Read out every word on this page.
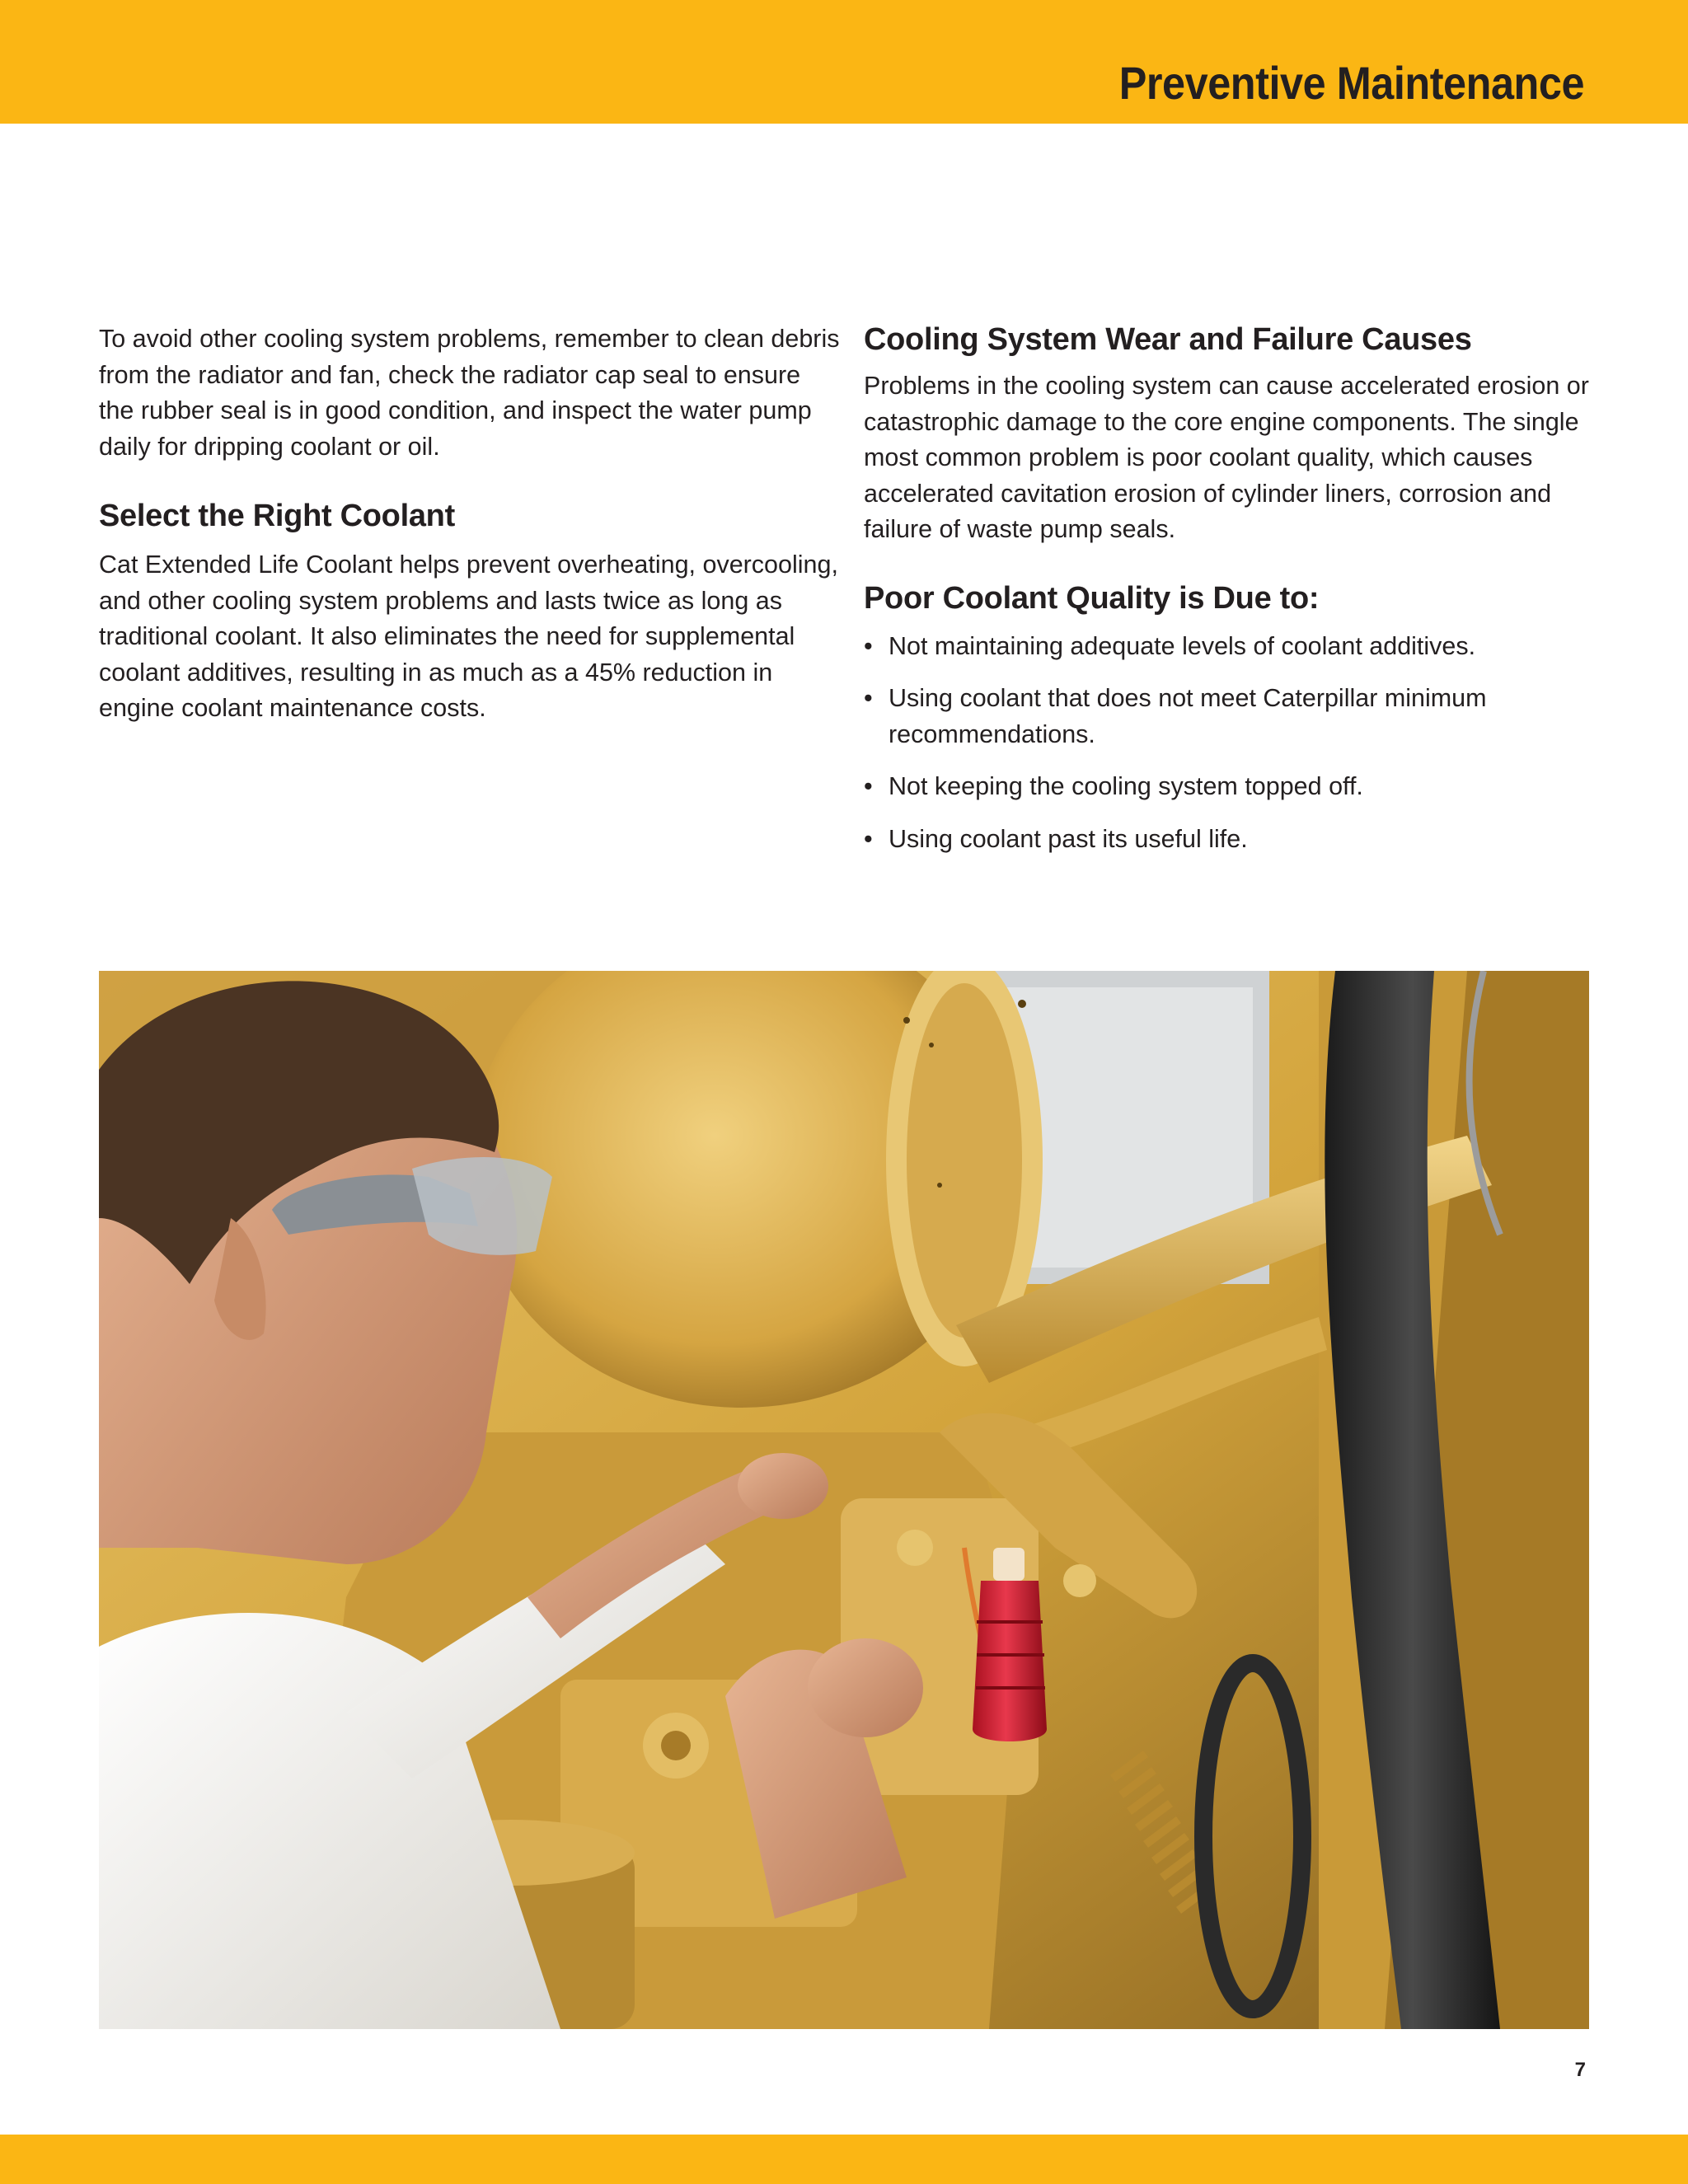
Preventive Maintenance

To avoid other cooling system problems, remember to clean debris from the radiator and fan, check the radiator cap seal to ensure the rubber seal is in good condition, and inspect the water pump daily for dripping coolant or oil.

Select the Right Coolant

Cat Extended Life Coolant helps prevent overheating, overcooling, and other cooling system problems and lasts twice as long as traditional coolant. It also eliminates the need for supplemental coolant additives, resulting in as much as a 45% reduction in engine coolant maintenance costs.

Cooling System Wear and Failure Causes

Problems in the cooling system can cause accelerated erosion or catastrophic damage to the core engine components. The single most common problem is poor coolant quality, which causes accelerated cavitation erosion of cylinder liners, corrosion and failure of waste pump seals.

Poor Coolant Quality is Due to:
• Not maintaining adequate levels of coolant additives.
• Using coolant that does not meet Caterpillar minimum recommendations.
• Not keeping the cooling system topped off.
• Using coolant past its useful life.
7
